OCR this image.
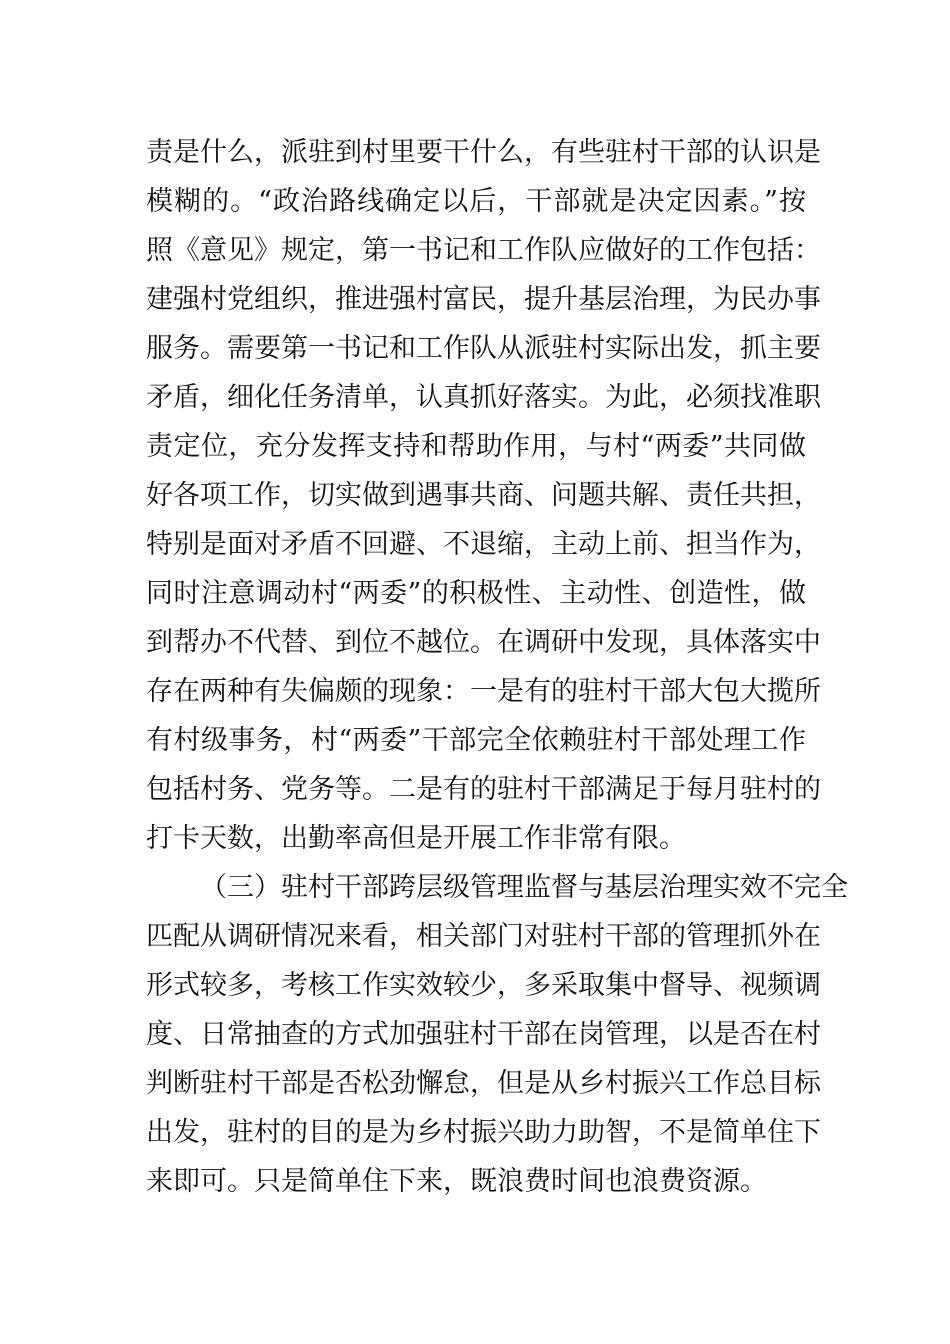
责是什么，派驻到村里要干什么，有些驻村干部的认识是
模糊的。“政治路线确定以后，干部就是决定因素。”按
照《意见》规定，第一书记和工作队应做好的工作包括：
建强村党组织，推进强村富民，提升基层治理，为民办事
服务。需要第一书记和工作队从派驻村实际出发，抓主要
矛盾，细化任务清单，认真抓好落实。为此，必须找准职
责定位，充分发挥支持和帮助作用，与村“两委”共同做
好各项工作，切实做到遇事共商、问题共解、责任共担，
特别是面对矛盾不回避、不退缩，主动上前、担当作为，
同时注意调动村“两委”的积极性、主动性、创造性，做
到帮办不代替、到位不越位。在调研中发现，具体落实中
存在两种有失偏颇的现象：一是有的驻村干部大包大揽所
有村级事务，村“两委”干部完全依赖驻村干部处理工作
包括村务、党务等。二是有的驻村干部满足于每月驻村的
打卡天数，出勤率高但是开展工作非常有限。
（三）驻村干部跨层级管理监督与基层治理实效不完全
匹配从调研情况来看，相关部门对驻村干部的管理抓外在
形式较多，考核工作实效较少，多采取集中督导、视频调
度、日常抽查的方式加强驻村干部在岗管理，以是否在村
判断驻村干部是否松劲懈怠，但是从乡村振兴工作总目标
出发，驻村的目的是为乡村振兴助力助智，不是简单住下
来即可。只是简单住下来，既浪费时间也浪费资源。
